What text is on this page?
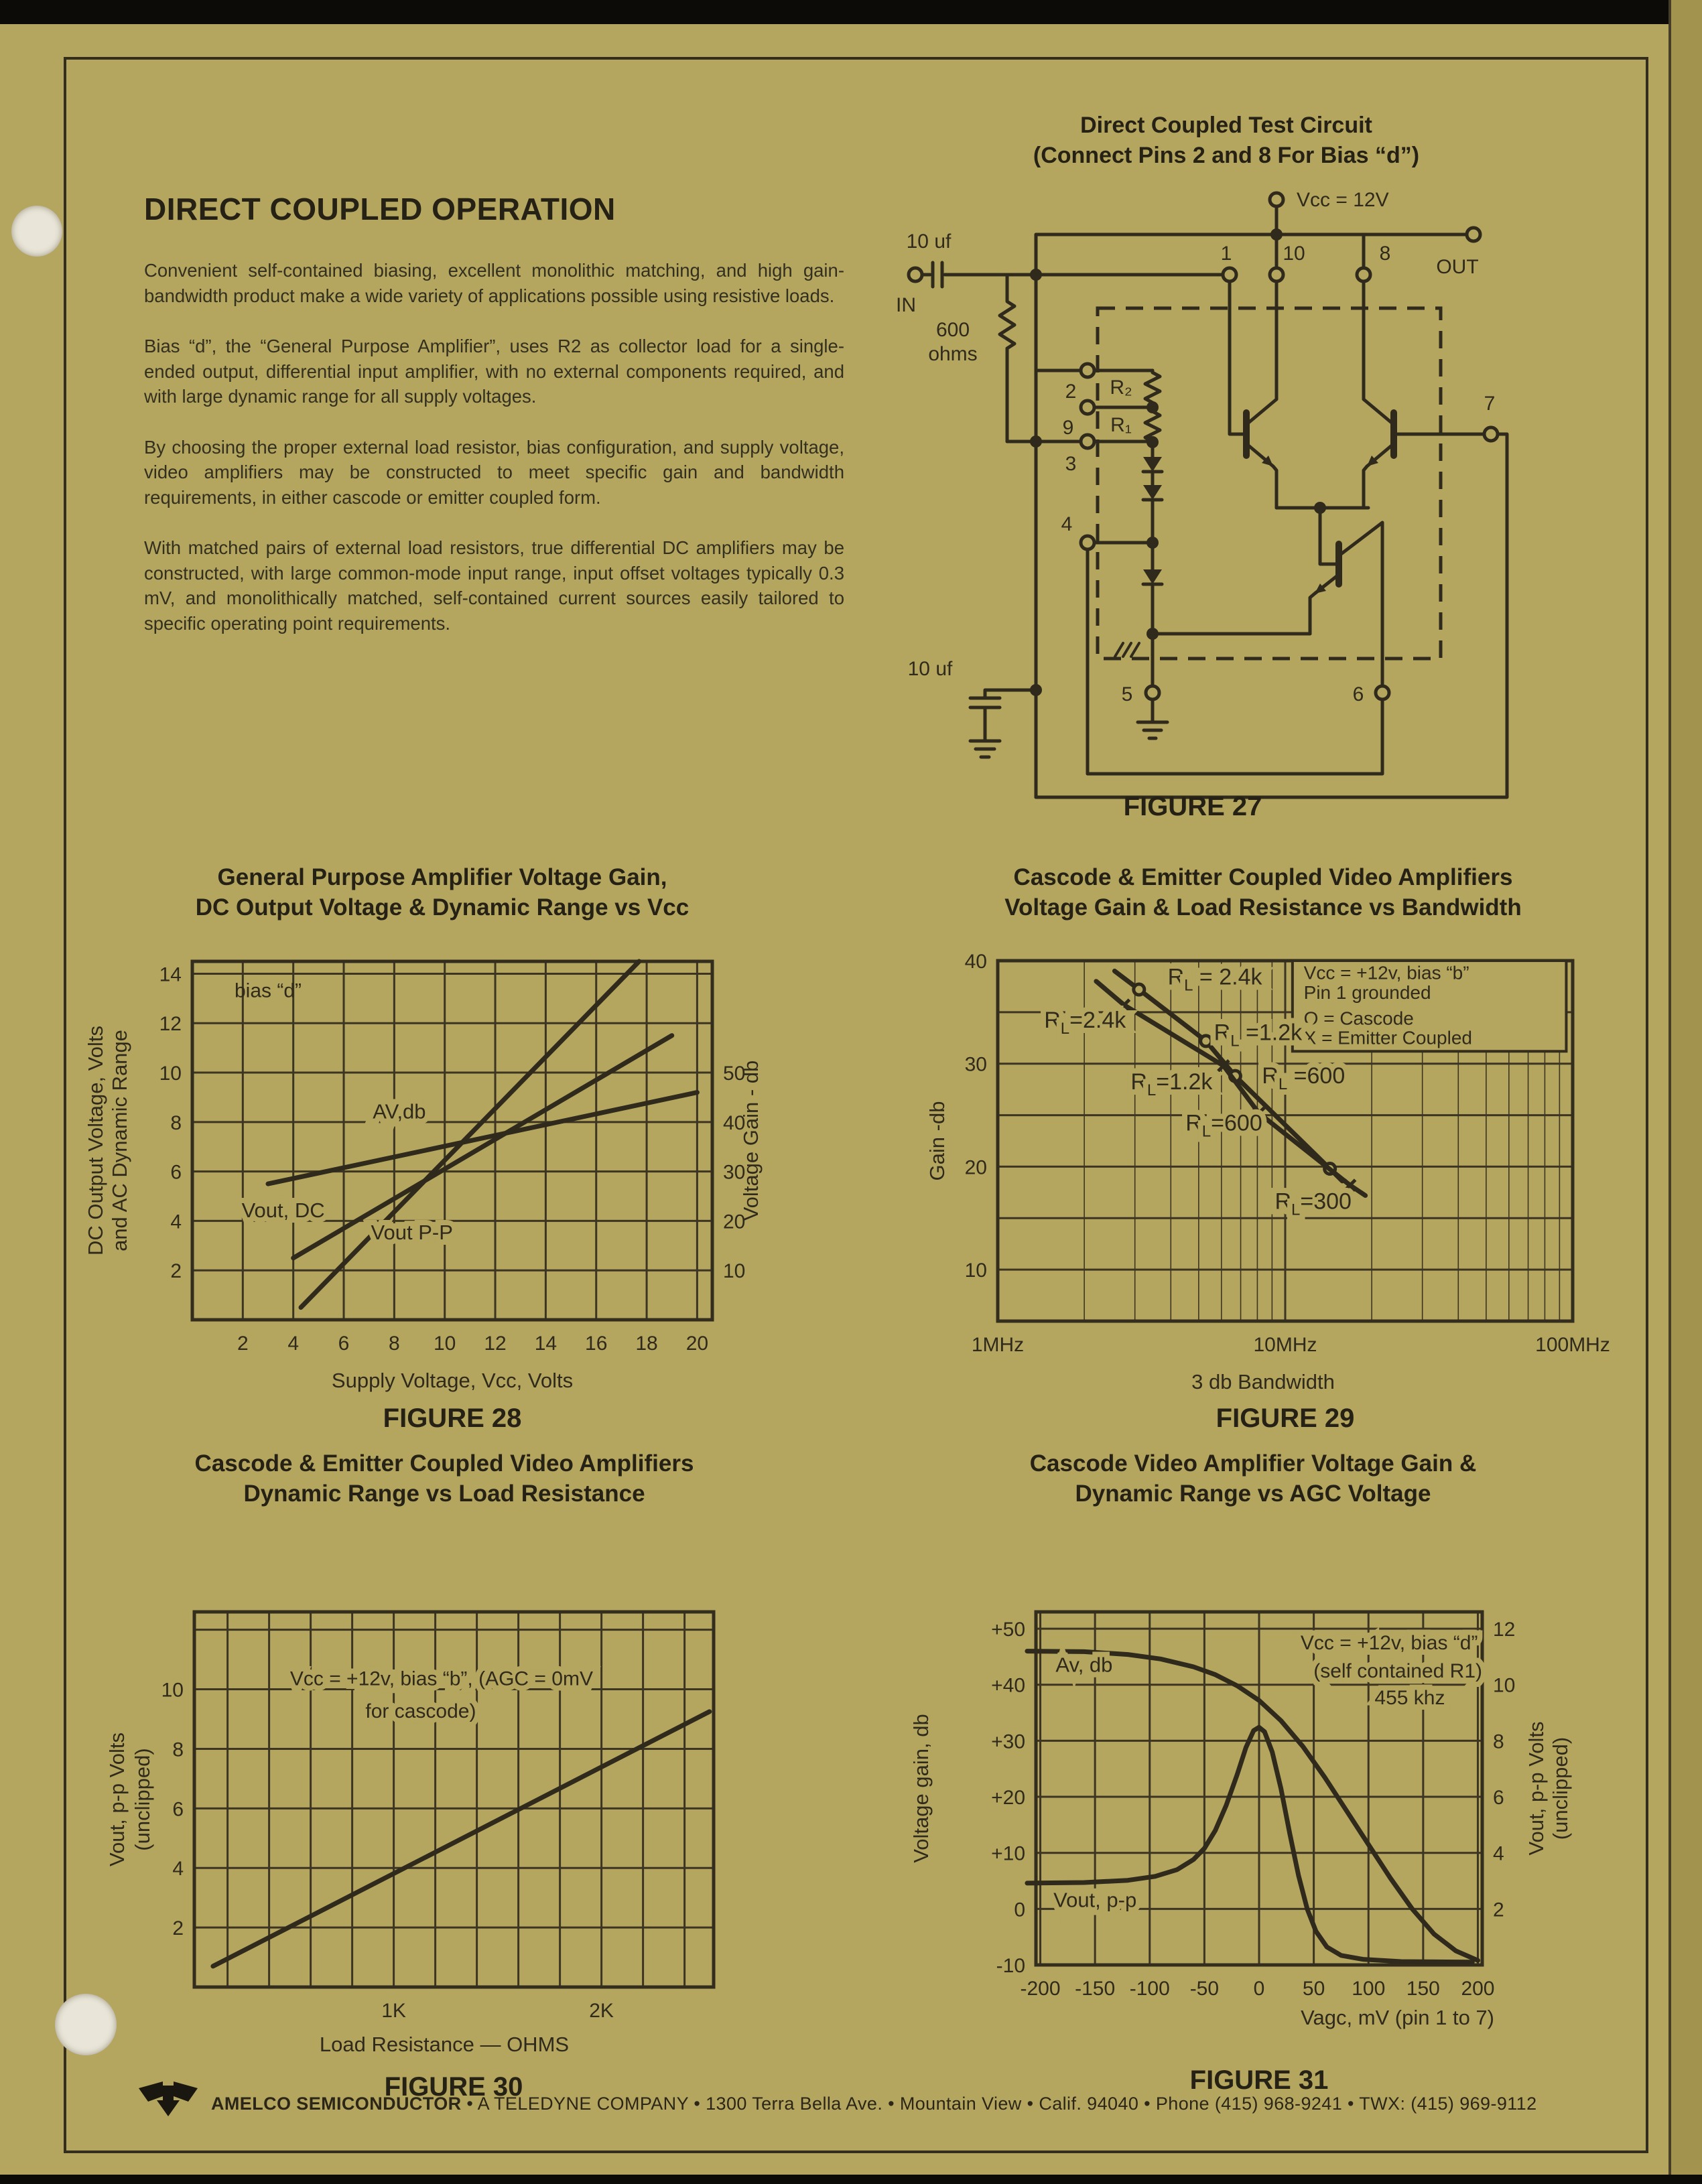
DIRECT COUPLED OPERATION

Convenient self-contained biasing, excellent monolithic matching, and high gain-bandwidth product make a wide variety of applications possible using resistive loads.

Bias “d”, the “General Purpose Amplifier”, uses R2 as collector load for a single-ended output, differential input amplifier, with no external components required, and with large dynamic range for all supply voltages.

By choosing the proper external load resistor, bias configuration, and supply voltage, video amplifiers may be constructed to meet specific gain and bandwidth requirements, in either cascode or emitter coupled form.

With matched pairs of external load resistors, true differential DC amplifiers may be constructed, with large common-mode input range, input offset voltages typically 0.3 mV, and monolithically matched, self-contained current sources easily tailored to specific operating point requirements.

Direct Coupled Test Circuit
(Connect Pins 2 and 8 For Bias “d”)
Vcc = 12V
OUT
IN
10 uf
600
ohms
10 uf
R₂
R₁
1	10	8
2
9
3
4
5	6
7
FIGURE 27
General Purpose Amplifier Voltage Gain,
DC Output Voltage & Dynamic Range vs Vcc
AV,db
Vout, DC
Vout P-P
bias “d”
2 4 6 8 10 12 14 16 18 20
2
4
6
8
10
12
14
10
20
30
40
50
Supply Voltage, Vcc, Volts
DC Output Voltage, Volts and AC Dynamic Range	Voltage Gain - db
FIGURE 28
Cascode & Emitter Coupled Video Amplifiers
Voltage Gain & Load Resistance vs Bandwidth
Vcc = +12v, bias “b”
Pin 1 grounded
O = Cascode
X = Emitter Coupled
$R_L = 2.4k$
$R_L=2.4k$	$R_L =1.2k$
$R_L=1.2k$ $R_L =600$
$R_L=600$
$R_L=300$
1MHz	10MHz	100MHz
10
20
30
40
3 db Bandwidth
Gain -db
FIGURE 29
Cascode & Emitter Coupled Video Amplifiers
Dynamic Range vs Load Resistance
Vcc = +12v, bias “b”, (AGC = 0mV
for cascode)
1K	2K
2
4
6
8
10
Load Resistance — OHMS
Vout, p-p Volts (unclipped)
FIGURE 30
Cascode Video Amplifier Voltage Gain &
Dynamic Range vs AGC Voltage
Av, db
Vout, p-p
Vcc = +12v, bias “d”
(self contained R1)
455 khz
-200 -150 -100 -50 0 50 100 150 200
+50
+40
+30
+20
+10
0
-10
12
10
8
6
4
2
Vagc, mV (pin 1 to 7)
Voltage gain, db	Vout, p-p Volts (unclipped)
FIGURE 31
AMELCO SEMICONDUCTOR • A TELEDYNE COMPANY • 1300 Terra Bella Ave. • Mountain View • Calif. 94040 • Phone (415) 968-9241 • TWX: (415) 969-9112
